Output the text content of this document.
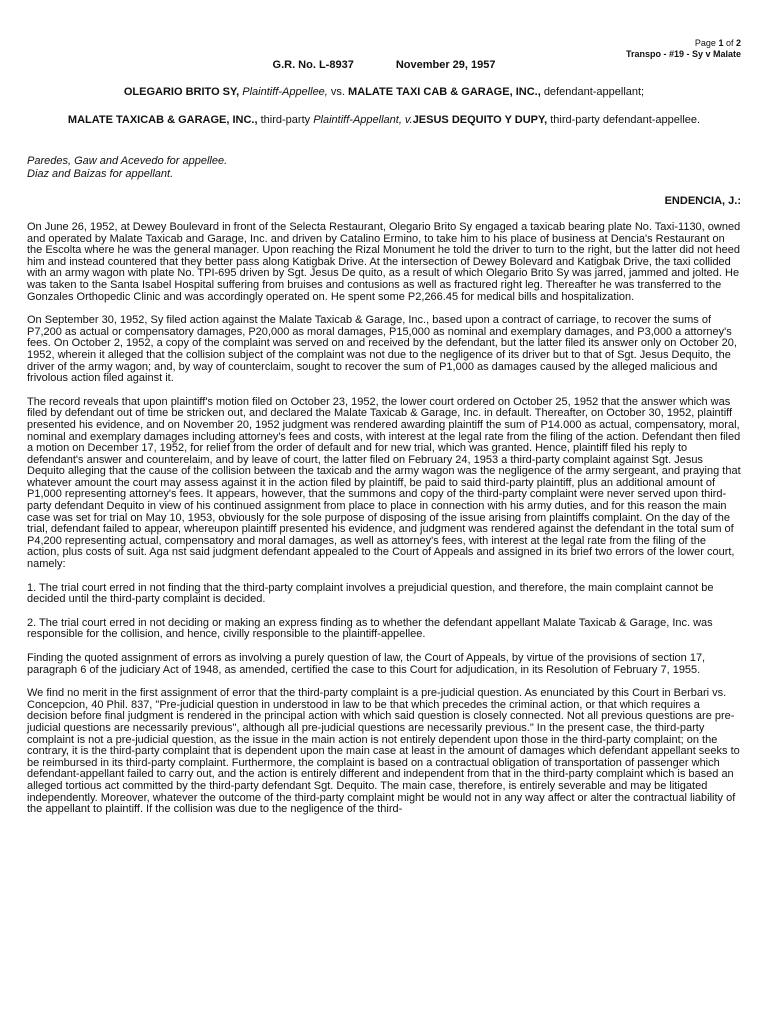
Page 1 of 2
Transpo - #19 - Sy v Malate
G.R. No. L-8937	November 29, 1957
OLEGARIO BRITO SY, Plaintiff-Appellee, vs. MALATE TAXI CAB & GARAGE, INC., defendant-appellant;
MALATE TAXICAB & GARAGE, INC., third-party Plaintiff-Appellant, v.JESUS DEQUITO Y DUPY, third-party defendant-appellee.
Paredes, Gaw and Acevedo for appellee.
Diaz and Baizas for appellant.
ENDENCIA, J.:

On June 26, 1952, at Dewey Boulevard in front of the Selecta Restaurant, Olegario Brito Sy engaged a taxicab bearing plate No. Taxi-1130, owned and operated by Malate Taxicab and Garage, Inc. and driven by Catalino Ermino, to take him to his place of business at Dencia's Restaurant on the Escolta where he was the general manager. Upon reaching the Rizal Monument he told the driver to turn to the right, but the latter did not heed him and instead countered that they better pass along Katigbak Drive. At the intersection of Dewey Bolevard and Katigbak Drive, the taxi collided with an army wagon with plate No. TPI-695 driven by Sgt. Jesus De quito, as a result of which Olegario Brito Sy was jarred, jammed and jolted. He was taken to the Santa Isabel Hospital suffering from bruises and contusions as well as fractured right leg. Thereafter he was transferred to the Gonzales Orthopedic Clinic and was accordingly operated on. He spent some P2,266.45 for medical bills and hospitalization.

On September 30, 1952, Sy filed action against the Malate Taxicab & Garage, Inc., based upon a contract of carriage, to recover the sums of P7,200 as actual or compensatory damages, P20,000 as moral damages, P15,000 as nominal and exemplary damages, and P3,000 a attorney's fees. On October 2, 1952, a copy of the complaint was served on and received by the defendant, but the latter filed its answer only on October 20, 1952, wherein it alleged that the collision subject of the complaint was not due to the negligence of its driver but to that of Sgt. Jesus Dequito, the driver of the army wagon; and, by way of counterclaim, sought to recover the sum of P1,000 as damages caused by the alleged malicious and frivolous action filed against it.

The record reveals that upon plaintiff's motion filed on October 23, 1952, the lower court ordered on October 25, 1952 that the answer which was filed by defendant out of time be stricken out, and declared the Malate Taxicab & Garage, Inc. in default. Thereafter, on October 30, 1952, plaintiff presented his evidence, and on November 20, 1952 judgment was rendered awarding plaintiff the sum of P14.000 as actual, compensatory, moral, nominal and exemplary damages including attorney's fees and costs, with interest at the legal rate from the filing of the action. Defendant then filed a motion on December 17, 1952, for relief from the order of default and for new trial, which was granted. Hence, plaintiff filed his reply to defendant's answer and counterelaim, and by leave of court, the latter filed on February 24, 1953 a third-party complaint against Sgt. Jesus Dequito alleging that the cause of the collision between the taxicab and the army wagon was the negligence of the army sergeant, and praying that whatever amount the court may assess against it in the action filed by plaintiff, be paid to said third-party plaintiff, plus an additional amount of P1,000 representing attorney's fees. It appears, however, that the summons and copy of the third-party complaint were never served upon third-party defendant Dequito in view of his continued assignment from place to place in connection with his army duties, and for this reason the main case was set for trial on May 10, 1953, obviously for the sole purpose of disposing of the issue arising from plaintiffs complaint. On the day of the trial, defendant failed to appear, whereupon plaintiff presented his evidence, and judgment was rendered against the defendant in the total sum of P4,200 representing actual, compensatory and moral damages, as well as attorney's fees, with interest at the legal rate from the filing of the action, plus costs of suit. Aga nst said judgment defendant appealed to the Court of Appeals and assigned in its brief two errors of the lower court, namely:

1. The trial court erred in not finding that the third-party complaint involves a prejudicial question, and therefore, the main complaint cannot be decided until the third-party complaint is decided.

2. The trial court erred in not deciding or making an express finding as to whether the defendant appellant Malate Taxicab & Garage, Inc. was responsible for the collision, and hence, civilly responsible to the plaintiff-appellee.

Finding the quoted assignment of errors as involving a purely question of law, the Court of Appeals, by virtue of the provisions of section 17, paragraph 6 of the judiciary Act of 1948, as amended, certified the case to this Court for adjudication, in its Resolution of February 7, 1955.

We find no merit in the first assignment of error that the third-party complaint is a pre-judicial question. As enunciated by this Court in Berbari vs. Concepcion, 40 Phil. 837, "Pre-judicial question in understood in law to be that which precedes the criminal action, or that which requires a decision before final judgment is rendered in the principal action with which said question is closely connected. Not all previous questions are pre-judicial questions are necessarily previous", although all pre-judicial questions are necessarily previous." In the present case, the third-party complaint is not a pre-judicial question, as the issue in the main action is not entirely dependent upon those in the third-party complaint; on the contrary, it is the third-party complaint that is dependent upon the main case at least in the amount of damages which defendant appellant seeks to be reimbursed in its third-party complaint. Furthermore, the complaint is based on a contractual obligation of transportation of passenger which defendant-appellant failed to carry out, and the action is entirely different and independent from that in the third-party complaint which is based an alleged tortious act committed by the third-party defendant Sgt. Dequito. The main case, therefore, is entirely severable and may be litigated independently. Moreover, whatever the outcome of the third-party complaint might be would not in any way affect or alter the contractual liability of the appellant to plaintiff. If the collision was due to the negligence of the third-
